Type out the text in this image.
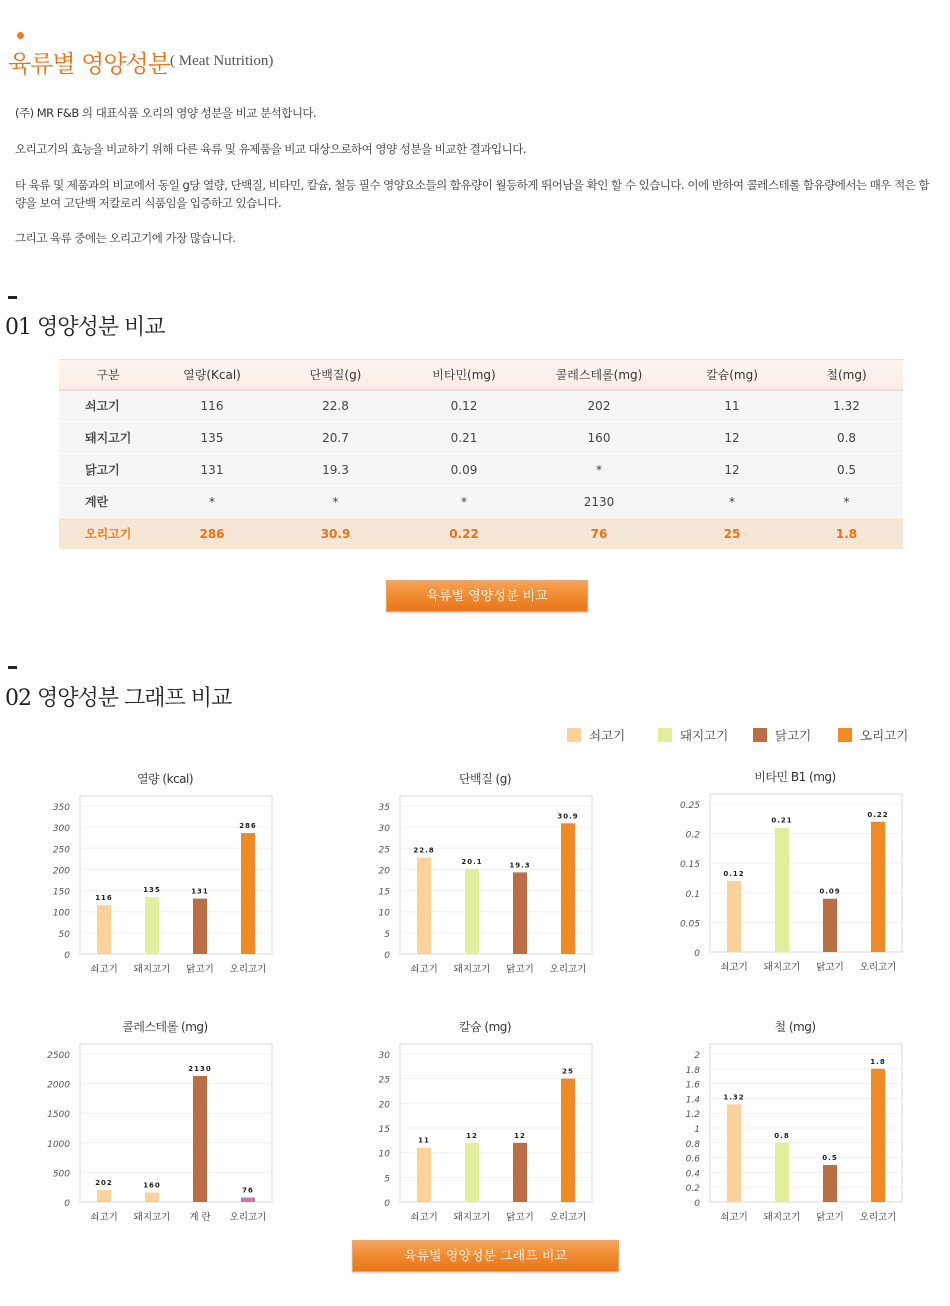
육류별 영양성분 ( Meat Nutrition)

(주) MR F&B 의 대표식품 오리의 영양 성분을 비교 분석합니다.

오리고기의 효능을 비교하기 위해 다른 육류 및 유제품을 비교 대상으로하여 영양 성분을 비교한 결과입니다.

타 육류 및 제품과의 비교에서 동일 g당 열량, 단백질, 비타민, 칼슘, 철등 필수 영양요소들의 함유량이 월등하게 뛰어남을 확인 할 수 있습니다. 이에 반하여 콜레스테롤 함유량에서는 매우 적은 함량을 보여 고단백 저칼로리 식품임을 입증하고 있습니다.

그리고 육류 중에는 오리고기에 가장 많습니다.

01 영양성분 비교
구분	열량(Kcal)	단백질(g)	비타민(mg)	콜레스테롤(mg)	칼슘(mg)	철(mg)
쇠고기	116	22.8	0.12	202	11	1.32
돼지고기	135	20.7	0.21	160	12	0.8
닭고기	131	19.3	0.09	*	12	0.5
계란	*	*	*	2130	*	*
오리고기	286	30.9	0.22	76	25	1.8
육류별 영양성분 비교
02 영양성분 그래프 비교
쇠고기	돼지고기	닭고기	오리고기
열량 (kcal)
0
50
100
150
200
250
300
350
116
쇠고기
135
돼지고기
131
닭고기
286
오리고기
단백질 (g)
0
5
10
15
20
25
30
35
22.8
쇠고기
20.1
돼지고기
19.3
닭고기
30.9
오리고기
비타민 B1 (mg)
0
0.05
0.1
0.15
0.2
0.25
0.12
쇠고기
0.21
돼지고기
0.09
닭고기
0.22
오리고기
콜레스테롤 (mg)
0
500
1000
1500
2000
2500
202
쇠고기
160
돼지고기
2130
계 란
76
오리고기
칼슘 (mg)
0
5
10
15
20
25
30
11
쇠고기
12
돼지고기
12
닭고기
25
오리고기
철 (mg)
0
0.2
0.4
0.6
0.8
1
1.2
1.4
1.6
1.8
2
1.32
쇠고기
0.8
돼지고기
0.5
닭고기
1.8
오리고기
육류별 영양성분 그래프 비교
